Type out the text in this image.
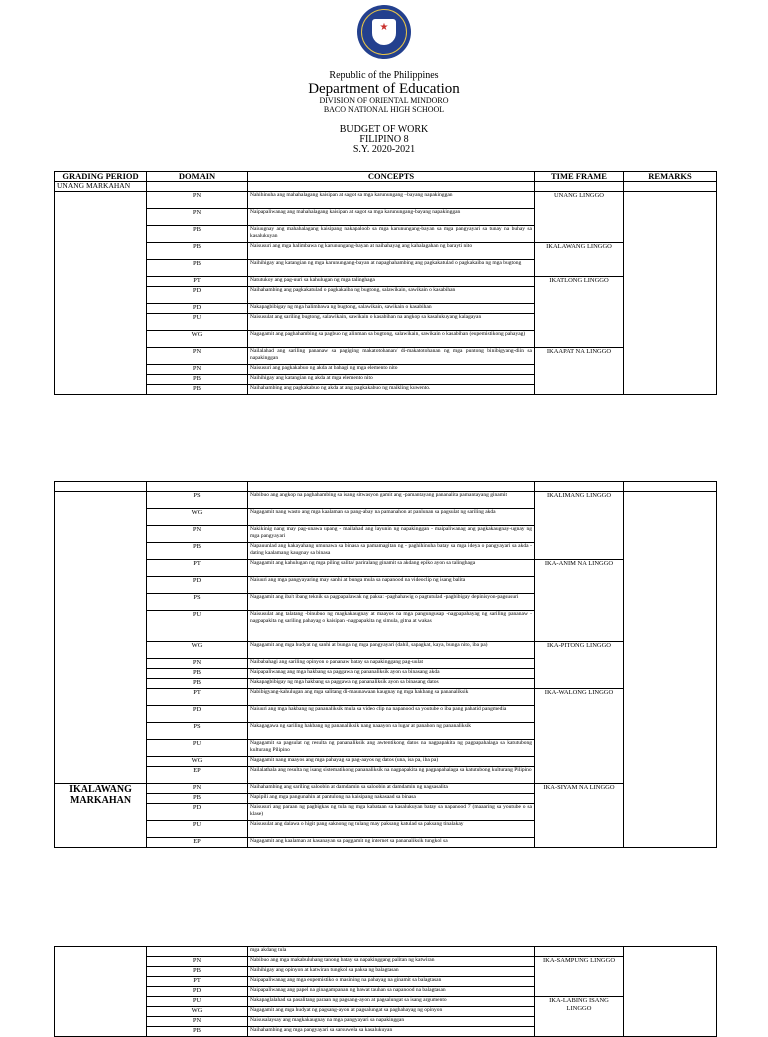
★
Republic of the Philippines
Department of Education
DIVISION OF ORIENTAL MINDORO
BACO NATIONAL HIGH SCHOOL
BUDGET OF WORK
FILIPINO 8
S.Y. 2020-2021
GRADING PERIOD	DOMAIN	CONCEPTS	TIME FRAME	REMARKS
UNANG MARKAHAN				
	PN	Nahihinuha ang mahahalagang kaisipan at sagot sa mga karunungang –bayang napakinggan	UNANG LINGGO	
	PN	Naipapaliwanag ang mahahalagang kaisipan at sagot sa mga karunungang-bayang napakinggan		
	PB	Naiuugnay ang mahahalagang kaisipang nakapaloob sa mga karunungang-bayan sa mga pangyayari sa tunay na buhay sa kasalukuyan		
	PB	Naisusuri ang mga halimbawa ng karunungang-bayan at naihahayag ang kahalagahan ng barayti nito	IKALAWANG LINGGO	
	PB	Naihihigay ang katangian ng mga karunungang-bayan at napaghahambing ang pagkakatulad o pagkakaiba ng mga bugtong		
	PT	Natutukoy ang pag-uuri sa kahulugan ng mga talinghaga	IKATLONG LINGGO	
	PD	Naihahambing ang pagkakatulad o pagkakaiba ng bugtong, salawikain, sawikain o kasabihan		
	PD	Nakapagbibigay ng mga halimbawa ng bugtong, salawikain, sawikain o kasabihan		
	PU	Naisusulat ang sariling bugtong, salawikain, sawikain o kasabihan na angkop sa kasalukuyang kalagayan		
	WG	Nagagamit ang paghahambing sa pagbuo ng alinman sa bugtong, salawikain, sawikain o kasabihan (eupemistikong pahayag)		
	PN	Nailalahad ang sariling pananaw sa pagiging makatotohanan/ di-makatotohanan ng mga puntong binibigyang-diin sa napakinggan	IKAAPAT NA LINGGO	
	PN	Naisusuri ang pagkakabuo ng akda at bahagi ng mga elemento nito		
	PB	Naihihigay ang katangian ng akda at mga elemento nito		
	PB	Naihahambing ang pagkakabuo ng akda at ang pagkakabuo ng maikling kuwento.		

	PS	Nabibuo ang angkop na paghahambing sa isang sitwasyon gamit ang -pamantayang pananalita pamantayang ginamit	IKALIMANG LINGGO	
	WG	Nagagamit nang wasto ang mga kaalaman sa pang-abay na pamanahon at panlunan sa pagsulat ng sariling akda		
	PN	Nakikinig nang may pag-unawa upang - mailahad ang layunin ng napakinggan - maipaliwanag ang pagkakaugnay-ugnay ng mga pangyayari		
	PB	Napauunlad ang kakayahang umunawa sa binasa sa pamamagitan ng - paghihinuha batay sa mga ideya o pangyayari sa akda -dating kaalamang kaugnay sa binasa		
	PT	Nagagamit ang kahulugan ng mga piling salita/ pariralang ginamit sa akdang epiko ayon sa talinghaga	IKA-ANIM NA LINGGO	
	PD	Naiuuri ang mga pangyayaring may sanhi at bunga mula sa napanood na videoclip ng isang balita		
	PS	Nagagamit ang iba't ibang teknik sa pagpapalawak ng paksa: -paghahawig o pagtutulad -pagbibigay depinisyon-pagsusuri		
	PU	Naisusulat ang talatang -binubuo ng magkakaugnay at maayos na mga pangungusap -nagpapahayag ng sariling pananaw -nagpapakita ng sariling pahayag o kaisipan -nagpapakita ng simula, gitna at wakas		
	WG	Nagagamit ang mga hudyat ng sanhi at bunga ng mga pangyayari (dahil, sapagkat, kaya, bunga nito, iba pa)	IKA-PITONG LINGGO	
	PN	Naibabahagi ang sariling opinyon o pananaw batay sa napakinggang pag-uulat		
	PB	Naipapaliwanag ang mga hakbang sa paggawa ng pananaliksik ayon sa binasang akda		
	PB	Nakapagbibigay ng mga hakbang sa paggawa ng pananaliksik ayon sa binasang datos		
	PT	Nabibigyang-kahulugan ang mga salitang di-maunawaan kaugnay ng mga hakbang sa pananaliksik	IKA-WALONG LINGGO	
	PD	Naiuuri ang mga hakbang ng pananaliksik mula sa video clip na napanood sa youtube o iba pang pahatid pangmedia		
	PS	Nakagagawa ng sariling hakbang ng pananaliksik nang naaayon sa lugar at panahon ng pananaliksik		
	PU	Nagagamit sa pagsulat ng resulta ng pananaliksik ang awtentikong datos na nagpapakita ng pagpapahalaga sa katutubong kulturang Pilipino		
	WG	Nagagamit nang maayos ang mga pahayag sa pag-aayos ng datos (una, isa pa, iba pa)		
	EP	Nailalathala ang resulta ng isang sistematikong pananaliksik na nagpapakita ng pagpapahalaga sa katutubong kulturang Pilipino		
IKALAWANG MARKAHAN	PN	Naihahambing ang sariling saloobin at damdamin sa saloobin at damdamin ng nagsasalita	IKA-SIYAM NA LINGGO	
	PB	Napipili ang mga pangunahin at pantulong na kaisipang nakasaad sa binasa		
	PD	Naisusuri ang paraan ng pagbigkas ng tula ng mga kabataan sa kasalukuyan batay sa napanood 7 (maaaring sa youtube o sa klase)		
	PU	Naisusulat ang dalawa o higit pang saknong ng tulang may paksang katulad sa paksang tinalakay		
	EP	Nagagamit ang kaalaman at kasanayan sa paggamit ng internet sa pananaliksik tungkol sa		
		mga akdang tula		
	PN	Nabibuo ang mga makabuluhang tanong batay sa napakinggang palitan ng katwiran	IKA-SAMPUNG LINGGO	
	PB	Naihihigay ang opinyon at katwiran tungkol sa paksa ng balagtasan		
	PT	Naipapaliwanag ang mga eupemistiko o masining na pahayag na ginamit sa balagtasan		
	PD	Naipapaliwanag ang papel na ginagampanan ng bawat tauhan sa napanood na balagtasan		
	PU	Nakapaglalahad sa pasalitang paraan ng pagsang-ayon at pagsalungat sa isang argumento	IKA-LABING ISANG LINGGO	
	WG	Nagagamit ang mga hudyat ng pagsang-ayon at pagsalungat sa paghahayag ng opinyon		
	PN	Naisusalaysay ang magkakaugnay na mga pangyayari sa napakinggan		
	PB	Naihahambing ang mga pangyayari sa sarsuwela sa kasalukuyan		
